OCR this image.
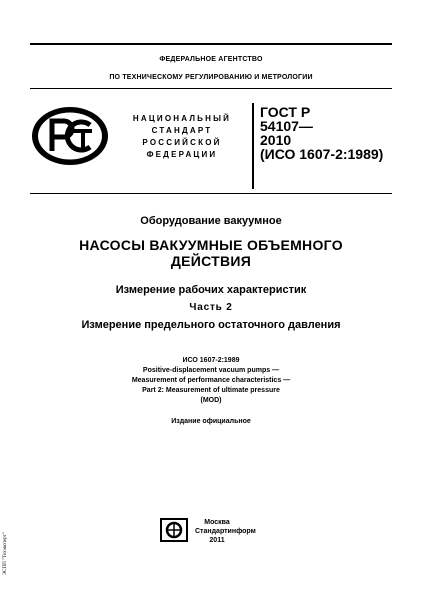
ФЕДЕРАЛЬНОЕ АГЕНТСТВО
ПО ТЕХНИЧЕСКОМУ РЕГУЛИРОВАНИЮ И МЕТРОЛОГИИ
НАЦИОНАЛЬНЫЙ
СТАНДАРТ
РОССИЙСКОЙ
ФЕДЕРАЦИИ
ГОСТ Р
54107—
2010
(ИСО 1607-2:1989)
Оборудование вакуумное
НАСОСЫ ВАКУУМНЫЕ ОБЪЕМНОГО
ДЕЙСТВИЯ
Измерение рабочих характеристик
Часть 2
Измерение предельного остаточного давления
ИСО 1607-2:1989
Positive-displacement vacuum pumps —
Measurement of performance characteristics —
Part 2: Measurement of ultimate pressure
(MOD)
Издание официальное
Москва
Стандартинформ
2011
ЭСПП "Техэксперт"
